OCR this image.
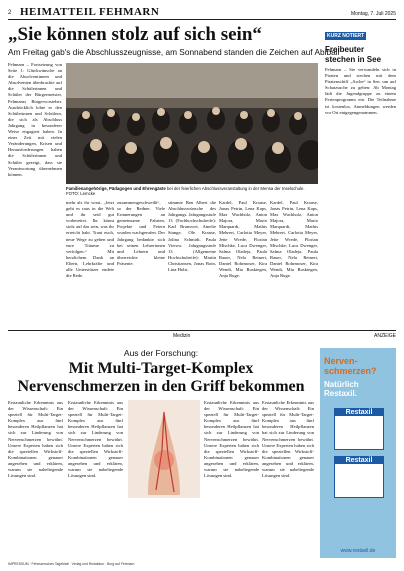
2 HEIMATTEIL FEHMARN	Montag, 7. Juli 2025
„Sie können stolz auf sich sein“
Am Freitag gab's die Abschlusszeugnisse, am Sonnabend standen die Zeichen auf Abiball
Fehmarn – Fortsetzung von Seite 1: Glückwünsche an die Absolventinnen und Absolventen überbrachte auf die Schülerinnen und Schüler der Bürgermeister, Fehmarns Bürgervorsteher. Ausdrücklich lobte er den Schülerinnen und Schülern, die sich als Abschluss Jahrgang in besonderer Weise engagiert haben. In einer Zeit mit vielen Veränderungen, Krisen und Herausforderungen haben die Schülerinnen und Schüler gezeigt, dass sie Verantwortung übernehmen können.
Familienangehörige, Pädagogen und Ehrengäste bei der feierlichen Abschlussveranstaltung in der Mensa der Inselschule. FOTO: Lemcke
mehr als ihr wisst. „Jetzt geht es raus in die Welt und ihr seid gut vorbereitet. Ihr könnt stolz auf das sein, was ihr erreicht habt. Traut euch, neue Wege zu gehen und eure Träume zu verfolgen.“ Mit herzlichem Dank an Eltern, Lehrkräfte und alle Unterstützer endete die Rede.
zusammengeschweißt“, so der Redner. Viele Erinnerungen an gemeinsame Fahrten, Projekte und Feiern wurden wachgerufen. Der Jahrgang bedankte sich bei seinen Lehrerinnen und Lehrern und überreichte kleine Präsente.
stimmte Ben Albert die Abschlusswünsche des Jahrgangs. Jahrgangsstufe 13 (Fachhochschulreife): Karl Brunswei, Amelie Stange, Ole Krause, Jolina Schmidt, Paula Vierow. Jahrgangsstufe 13 (Allgemeine Hochschulreife): Martin Christiansen, Jonas Boin, Lina Holst.
Kardel, Paul Krause, Jonas Petrin, Lena Kaps, Max Wachholz, Anton Majora, Mario Marquardt, Mathis Mehrert, Carlotta Meyer, Jette Wrede, Florian Mischke, Luca Dwenger, Salma Oladeja, Paula Rauer, Nela Reinert, Daniel Rohrmoser, Kira Wendt, Mia Ruskiegen, Anja Ruge.
Kardel, Paul Krause, Jonas Petrin, Lena Kaps, Max Wachholz, Anton Majora, Mario Marquardt, Mathis Mehrert, Carlotta Meyer, Jette Wrede, Florian Mischke, Luca Dwenger, Salma Oladeja, Paula Rauer, Nela Reinert, Daniel Rohrmoser, Kira Wendt, Mia Ruskiegen, Anja Ruge.
KURZ NOTIERT
Freibeuter stechen in See
Fehmarn – Sie verwandeln sich in Piraten und stechen mit dem Piratenschiff „Arche“ in See, um auf Schatzsuche zu gehen: Ab Montag lädt die Jugendgruppe zu einem Ferienprogramm ein. Die Teilnahme ist kostenlos, Anmeldungen werden vor Ort entgegengenommen.
Medizin	ANZEIGE
Aus der Forschung:
Mit Multi-Target-Komplex
Nervenschmerzen in den Griff bekommen
Erstaunliche Erkenntnis aus der Wissenschaft: Ein speziell für Multi-Target-Komplex aus fünf besonderen Heilpflanzen hat sich zur Linderung von Nervenschmerzen bewährt. Unsere Experten haben sich die speziellen Wirkstoff-Kombinationen genauer angesehen und erklären, warum sie naheliegende Lösungen sind.
Erstaunliche Erkenntnis aus der Wissenschaft: Ein speziell für Multi-Target-Komplex aus fünf besonderen Heilpflanzen hat sich zur Linderung von Nervenschmerzen bewährt. Unsere Experten haben sich die speziellen Wirkstoff-Kombinationen genauer angesehen und erklären, warum sie naheliegende Lösungen sind.
Erstaunliche Erkenntnis aus der Wissenschaft: Ein speziell für Multi-Target-Komplex aus fünf besonderen Heilpflanzen hat sich zur Linderung von Nervenschmerzen bewährt. Unsere Experten haben sich die speziellen Wirkstoff-Kombinationen genauer angesehen und erklären, warum sie naheliegende Lösungen sind.
Erstaunliche Erkenntnis aus der Wissenschaft: Ein speziell für Multi-Target-Komplex aus fünf besonderen Heilpflanzen hat sich zur Linderung von Nervenschmerzen bewährt. Unsere Experten haben sich die speziellen Wirkstoff-Kombinationen genauer angesehen und erklären, warum sie naheliegende Lösungen sind.
Nerven-schmerzen?
Natürlich Restaxil.
Restaxil
Restaxil
www.restaxil.de
IMPRESSUM · Fehmarnsches Tageblatt · Verlag und Redaktion · Burg auf Fehmarn
